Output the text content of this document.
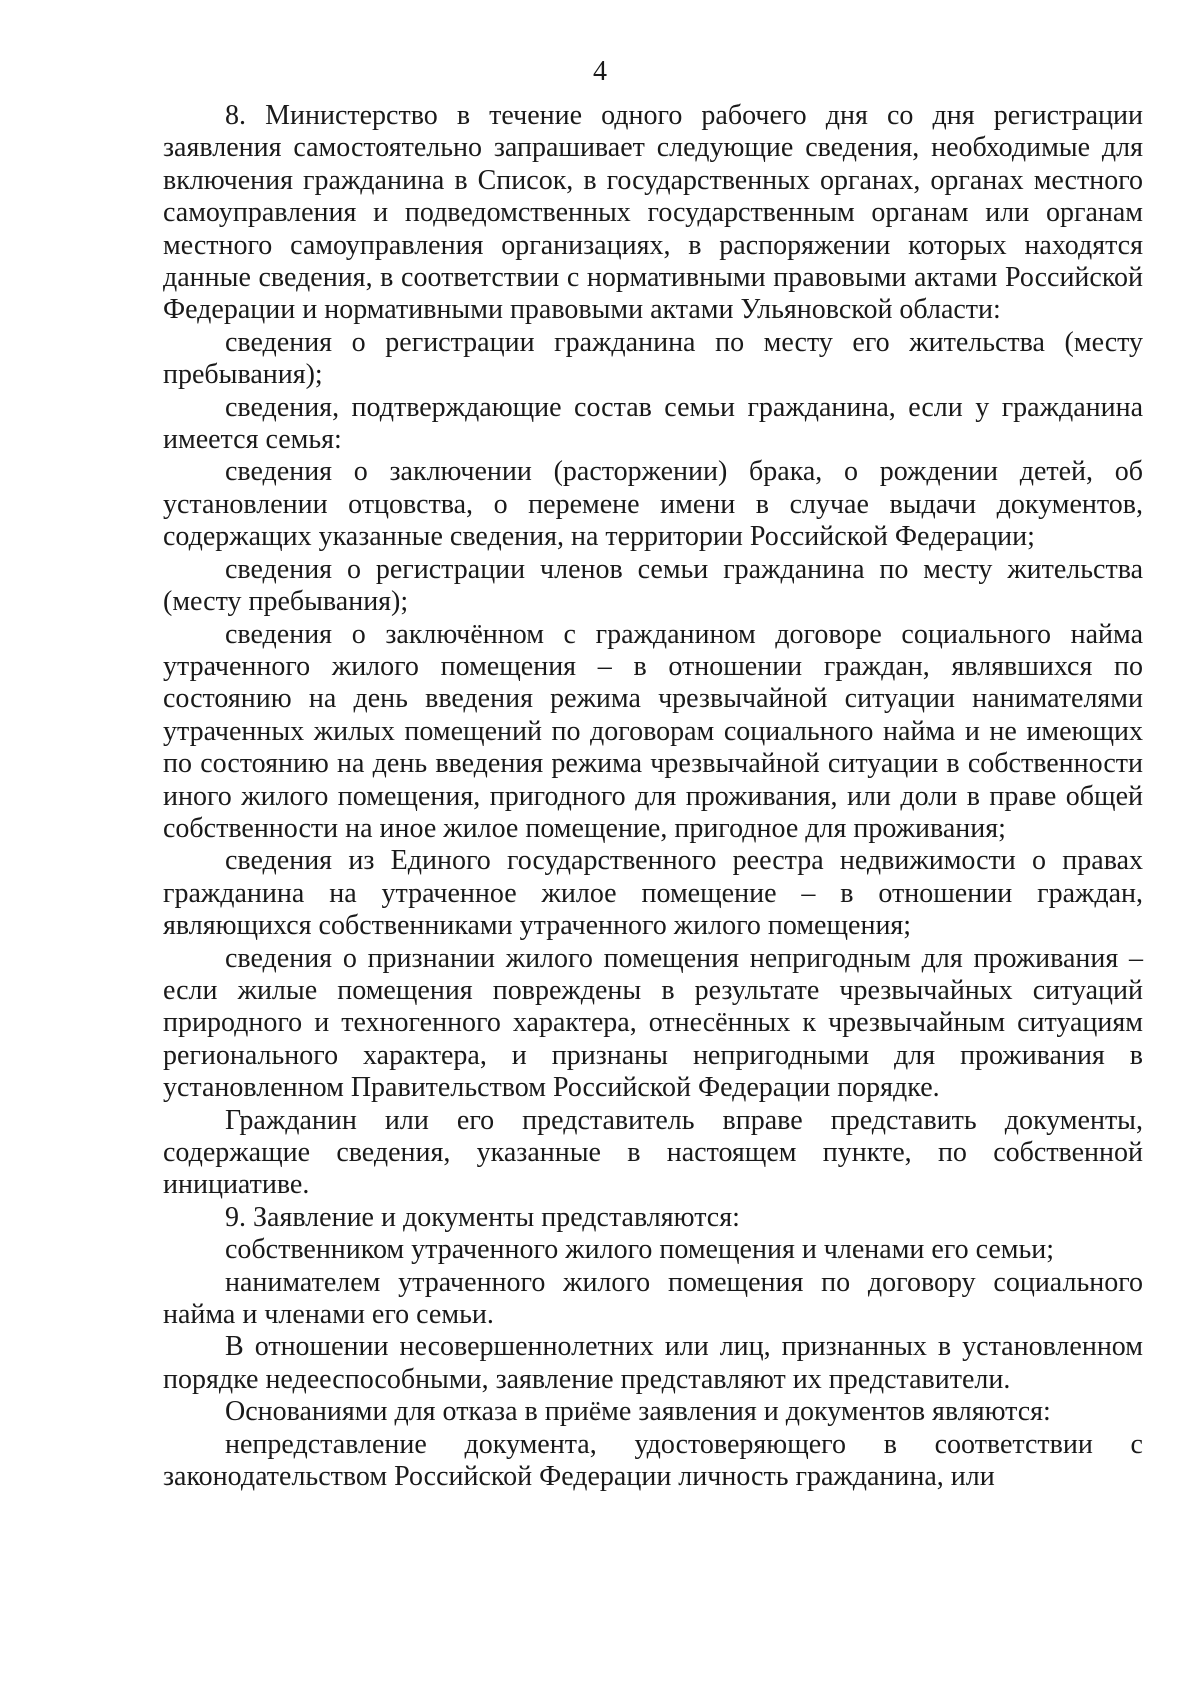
4

8. Министерство в течение одного рабочего дня со дня регистрации заявления самостоятельно запрашивает следующие сведения, необходимые для включения гражданина в Список, в государственных органах, органах местного самоуправления и подведомственных государственным органам или органам местного самоуправления организациях, в распоряжении которых находятся данные сведения, в соответствии с нормативными правовыми актами Российской Федерации и нормативными правовыми актами Ульяновской области:

сведения о регистрации гражданина по месту его жительства (месту пребывания);

сведения, подтверждающие состав семьи гражданина, если у гражданина имеется семья:

сведения о заключении (расторжении) брака, о рождении детей, об установлении отцовства, о перемене имени в случае выдачи документов, содержащих указанные сведения, на территории Российской Федерации;

сведения о регистрации членов семьи гражданина по месту жительства (месту пребывания);

сведения о заключённом с гражданином договоре социального найма утраченного жилого помещения – в отношении граждан, являвшихся по состоянию на день введения режима чрезвычайной ситуации нанимателями утраченных жилых помещений по договорам социального найма и не имеющих по состоянию на день введения режима чрезвычайной ситуации в собственности иного жилого помещения, пригодного для проживания, или доли в праве общей собственности на иное жилое помещение, пригодное для проживания;

сведения из Единого государственного реестра недвижимости о правах гражданина на утраченное жилое помещение – в отношении граждан, являющихся собственниками утраченного жилого помещения;

сведения о признании жилого помещения непригодным для проживания – если жилые помещения повреждены в результате чрезвычайных ситуаций природного и техногенного характера, отнесённых к чрезвычайным ситуациям регионального характера, и признаны непригодными для проживания в установленном Правительством Российской Федерации порядке.

Гражданин или его представитель вправе представить документы, содержащие сведения, указанные в настоящем пункте, по собственной инициативе.

9. Заявление и документы представляются:

собственником утраченного жилого помещения и членами его семьи;

нанимателем утраченного жилого помещения по договору социального найма и членами его семьи.

В отношении несовершеннолетних или лиц, признанных в установленном порядке недееспособными, заявление представляют их представители.

Основаниями для отказа в приёме заявления и документов являются:

непредставление документа, удостоверяющего в соответствии с законодательством Российской Федерации личность гражданина, или
